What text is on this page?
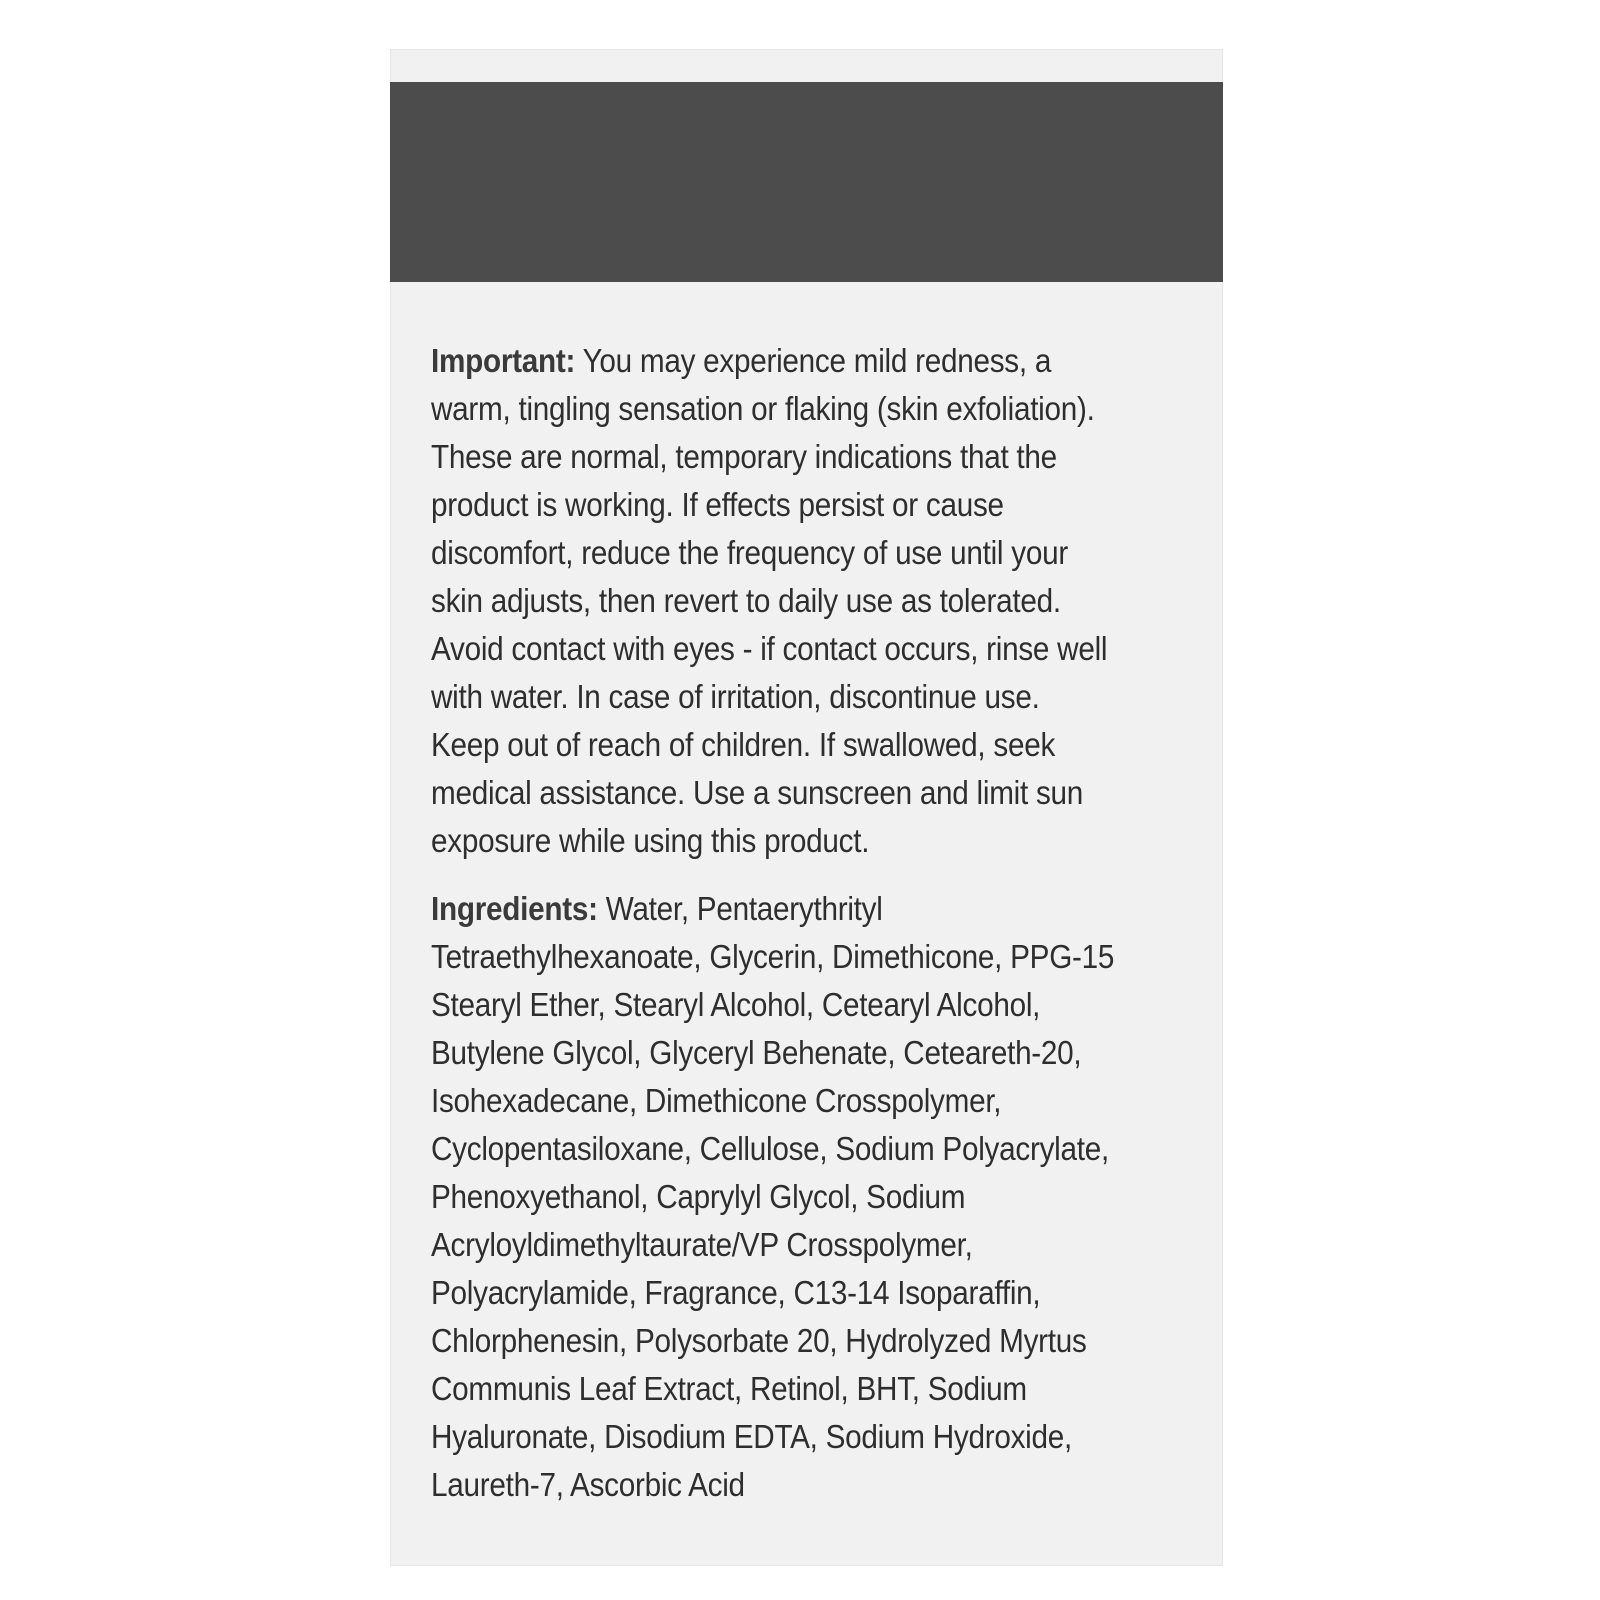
Important: You may experience mild redness, a
warm, tingling sensation or flaking (skin exfoliation).
These are normal, temporary indications that the
product is working. If effects persist or cause
discomfort, reduce the frequency of use until your
skin adjusts, then revert to daily use as tolerated.
Avoid contact with eyes - if contact occurs, rinse well
with water. In case of irritation, discontinue use.
Keep out of reach of children. If swallowed, seek
medical assistance. Use a sunscreen and limit sun
exposure while using this product.
Ingredients: Water, Pentaerythrityl
Tetraethylhexanoate, Glycerin, Dimethicone, PPG-15
Stearyl Ether, Stearyl Alcohol, Cetearyl Alcohol,
Butylene Glycol, Glyceryl Behenate, Ceteareth-20,
Isohexadecane, Dimethicone Crosspolymer,
Cyclopentasiloxane, Cellulose, Sodium Polyacrylate,
Phenoxyethanol, Caprylyl Glycol, Sodium
Acryloyldimethyltaurate/VP Crosspolymer,
Polyacrylamide, Fragrance, C13-14 Isoparaffin,
Chlorphenesin, Polysorbate 20, Hydrolyzed Myrtus
Communis Leaf Extract, Retinol, BHT, Sodium
Hyaluronate, Disodium EDTA, Sodium Hydroxide,
Laureth-7, Ascorbic Acid
